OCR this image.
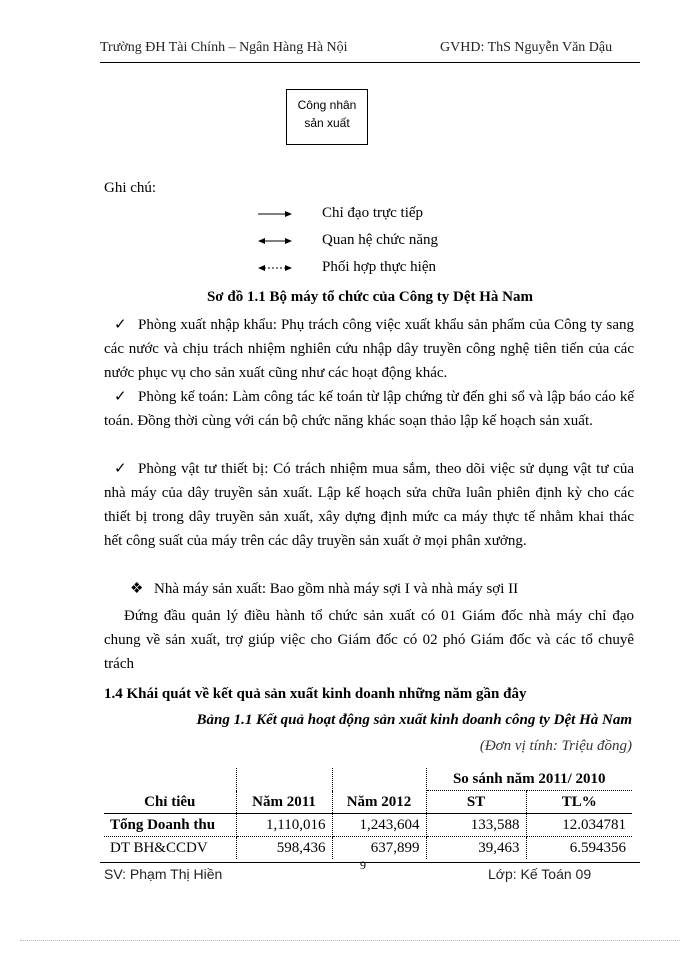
Trường ĐH Tài Chính – Ngân Hàng Hà Nội	GVHD: ThS Nguyễn Văn Dậu
Công nhân
sản xuất
Ghi chú:
Chỉ đạo trực tiếp
Quan hệ chức năng
Phối hợp thực hiện
Sơ đồ 1.1 Bộ máy tổ chức của Công ty Dệt Hà Nam

✓ Phòng xuất nhập khẩu: Phụ trách công việc xuất khẩu sản phẩm của Công ty sang các nước và chịu trách nhiệm nghiên cứu nhập dây truyền công nghệ tiên tiến của các nước phục vụ cho sản xuất cũng như các hoạt động khác.

✓ Phòng kế toán: Làm công tác kế toán từ lập chứng từ đến ghi sổ và lập báo cáo kế toán. Đồng thời cùng với cán bộ chức năng khác soạn thảo lập kế hoạch sản xuất.

✓ Phòng vật tư thiết bị: Có trách nhiệm mua sắm, theo dõi việc sử dụng vật tư của nhà máy của dây truyền sản xuất. Lập kế hoạch sửa chữa luân phiên định kỳ cho các thiết bị trong dây truyền sản xuất, xây dựng định mức ca máy thực tế nhằm khai thác hết công suất của máy trên các dây truyền sản xuất ở mọi phân xưởng.

❖ Nhà máy sản xuất: Bao gồm nhà máy sợi I và nhà máy sợi II

Đứng đầu quản lý điều hành tổ chức sản xuất có 01 Giám đốc nhà máy chỉ đạo chung về sản xuất, trợ giúp việc cho Giám đốc có 02 phó Giám đốc và các tổ chuyê trách

1.4 Khái quát về kết quả sản xuất kinh doanh những năm gần đây
Bảng 1.1 Kết quả hoạt động sản xuất kinh doanh công ty Dệt Hà Nam
(Đơn vị tính: Triệu đồng)
Chỉ tiêu	Năm 2011	Năm 2012	So sánh năm 2011/ 2010	
			ST	TL%
Tổng Doanh thu	1,110,016	1,243,604	133,588	12.034781
DT BH&CCDV	598,436	637,899	39,463	6.594356
9
SV: Phạm Thị Hiền	Lớp: Kế Toán 09
